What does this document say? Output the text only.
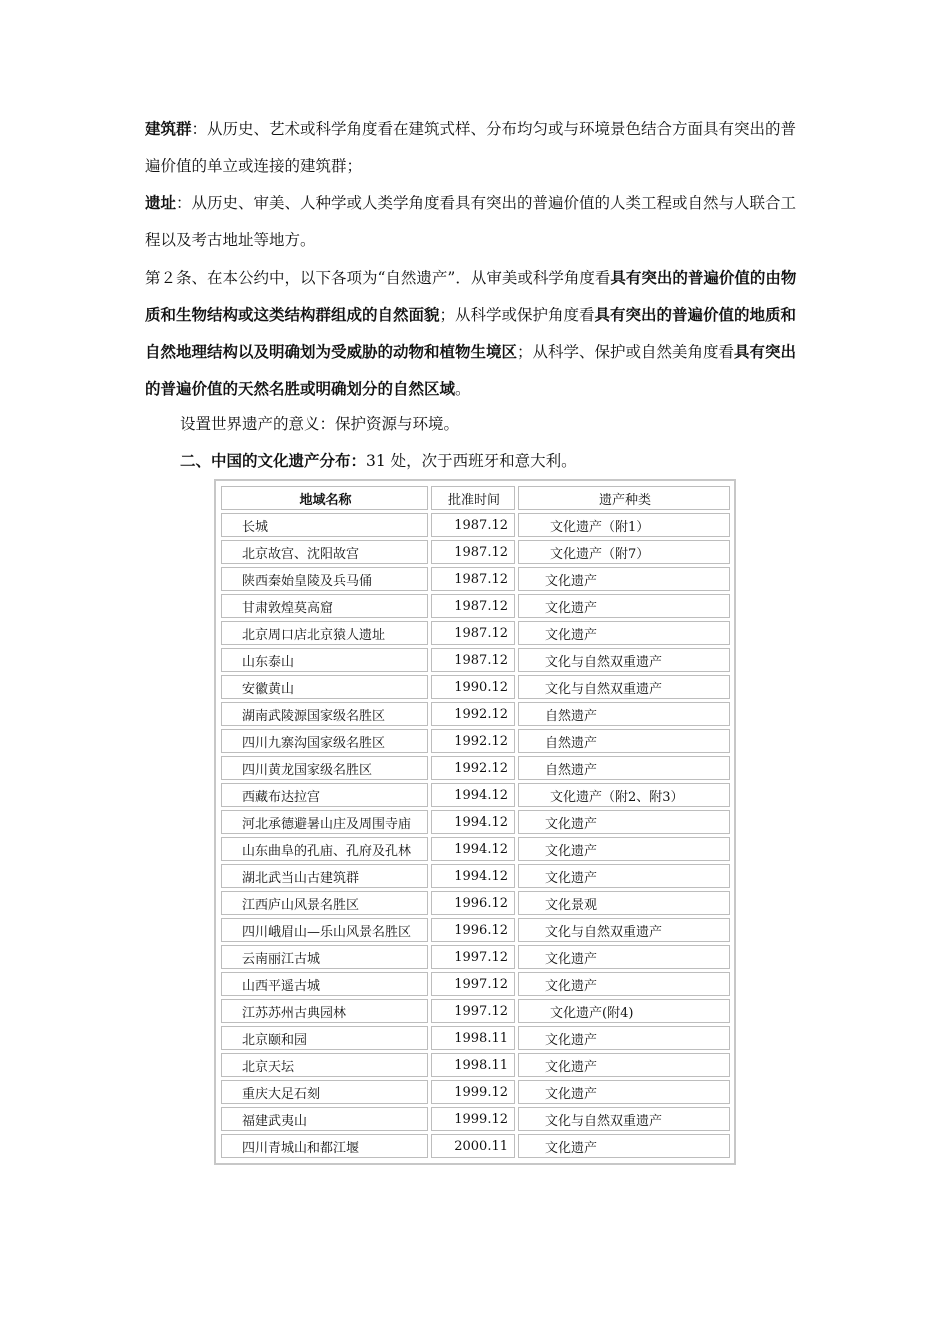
建筑群：从历史、艺术或科学角度看在建筑式样、分布均匀或与环境景色结合方面具有突出的普遍价值的单立或连接的建筑群；

遗址：从历史、审美、人种学或人类学角度看具有突出的普遍价值的人类工程或自然与人联合工程以及考古地址等地方。

第２条、在本公约中，以下各项为“自然遗产”．从审美或科学角度看具有突出的普遍价值的由物质和生物结构或这类结构群组成的自然面貌；从科学或保护角度看具有突出的普遍价值的地质和自然地理结构以及明确划为受威胁的动物和植物生境区；从科学、保护或自然美角度看具有突出的普遍价值的天然名胜或明确划分的自然区域。

设置世界遗产的意义：保护资源与环境。

二、中国的文化遗产分布：31 处，次于西班牙和意大利。

地域名称	批准时间	遗产种类
长城	1987.12	文化遗产（附1）
北京故宫、沈阳故宫	1987.12	文化遗产（附7）
陕西秦始皇陵及兵马俑	1987.12	文化遗产
甘肃敦煌莫高窟	1987.12	文化遗产
北京周口店北京猿人遗址	1987.12	文化遗产
山东泰山	1987.12	文化与自然双重遗产
安徽黄山	1990.12	文化与自然双重遗产
湖南武陵源国家级名胜区	1992.12	自然遗产
四川九寨沟国家级名胜区	1992.12	自然遗产
四川黄龙国家级名胜区	1992.12	自然遗产
西藏布达拉宫	1994.12	文化遗产（附2、附3）
河北承德避暑山庄及周围寺庙	1994.12	文化遗产
山东曲阜的孔庙、孔府及孔林	1994.12	文化遗产
湖北武当山古建筑群	1994.12	文化遗产
江西庐山风景名胜区	1996.12	文化景观
四川峨眉山—乐山风景名胜区	1996.12	文化与自然双重遗产
云南丽江古城	1997.12	文化遗产
山西平遥古城	1997.12	文化遗产
江苏苏州古典园林	1997.12	文化遗产(附4)
北京颐和园	1998.11	文化遗产
北京天坛	1998.11	文化遗产
重庆大足石刻	1999.12	文化遗产
福建武夷山	1999.12	文化与自然双重遗产
四川青城山和都江堰	2000.11	文化遗产
